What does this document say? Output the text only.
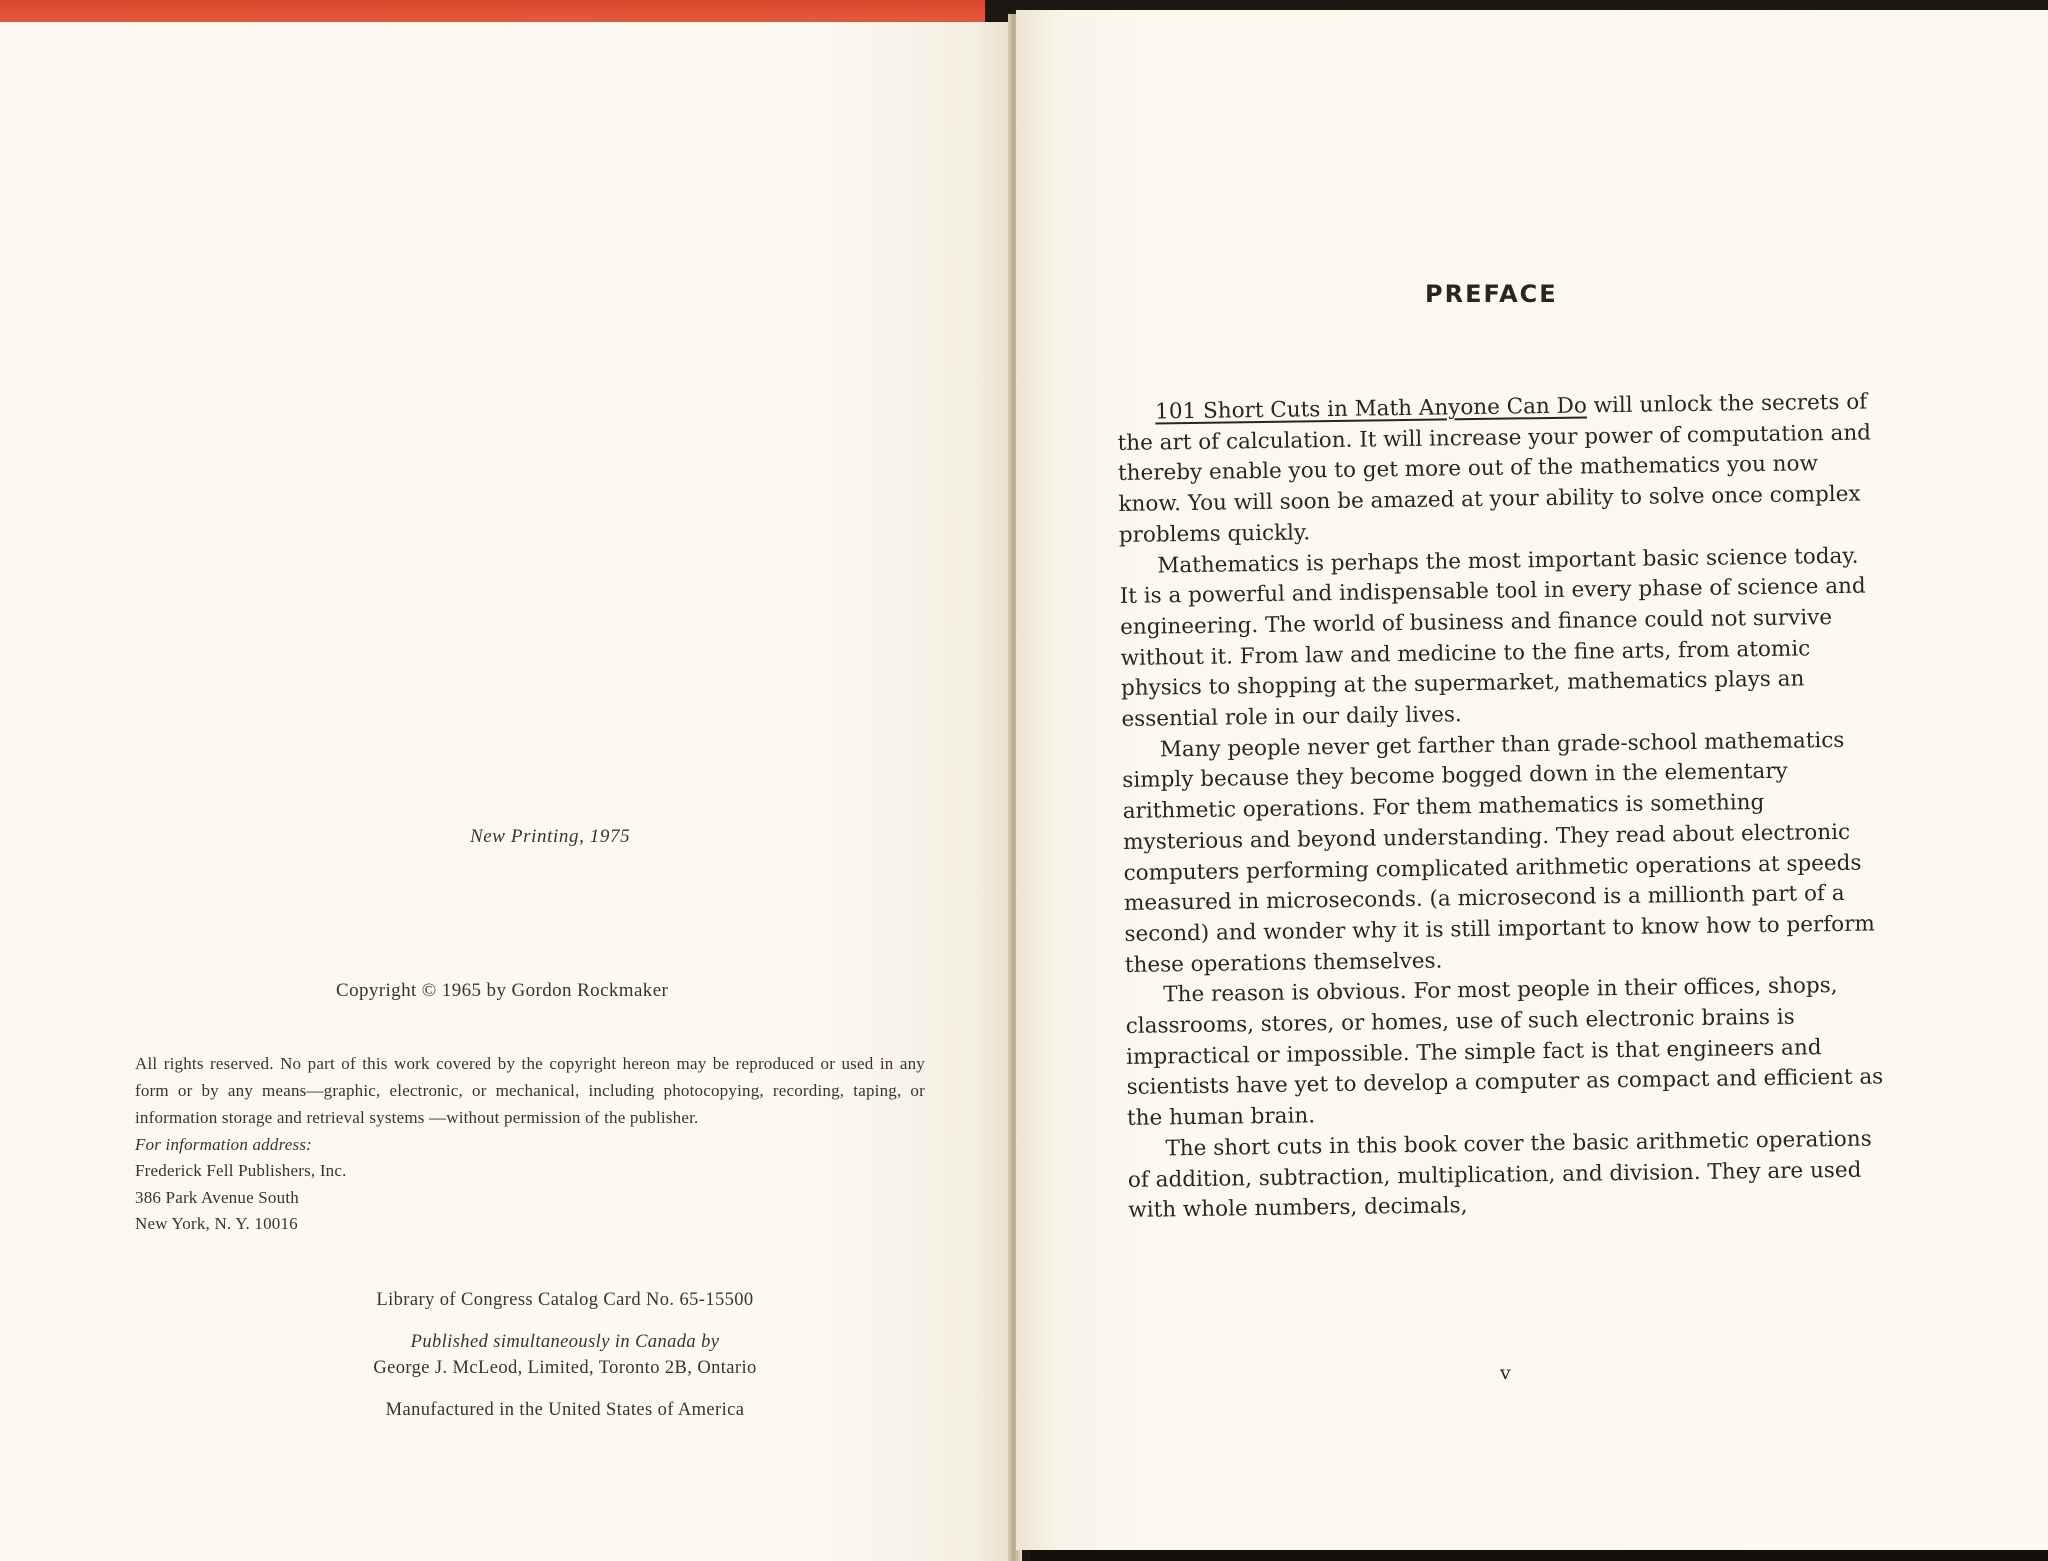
New Printing, 1975
Copyright © 1965 by Gordon Rockmaker

All rights reserved. No part of this work covered by the copyright hereon may be reproduced or used in any form or by any means—graphic, electronic, or mechanical, including photocopying, recording, taping, or information storage and retrieval systems —without permission of the publisher.

For information address:

Frederick Fell Publishers, Inc.

386 Park Avenue South

New York, N. Y. 10016

Library of Congress Catalog Card No. 65-15500
Published simultaneously in Canada by
George J. McLeod, Limited, Toronto 2B, Ontario
Manufactured in the United States of America
PREFACE

101 Short Cuts in Math Anyone Can Do will unlock the secrets of the art of calculation. It will increase your power of computation and thereby enable you to get more out of the mathematics you now know. You will soon be amazed at your ability to solve once complex problems quickly.

Mathematics is perhaps the most important basic science today. It is a powerful and indispensable tool in every phase of science and engineering. The world of business and finance could not survive without it. From law and medicine to the fine arts, from atomic physics to shopping at the supermarket, mathematics plays an essential role in our daily lives.

Many people never get farther than grade-school mathematics simply because they become bogged down in the elementary arithmetic operations. For them mathematics is something mysterious and beyond understanding. They read about electronic computers performing complicated arithmetic operations at speeds measured in microseconds. (a microsecond is a millionth part of a second) and wonder why it is still important to know how to perform these operations themselves.

The reason is obvious. For most people in their offices, shops, classrooms, stores, or homes, use of such electronic brains is impractical or impossible. The simple fact is that engineers and scientists have yet to develop a computer as compact and efficient as the human brain.

The short cuts in this book cover the basic arithmetic operations of addition, subtraction, multiplication, and division. They are used with whole numbers, decimals,

v
